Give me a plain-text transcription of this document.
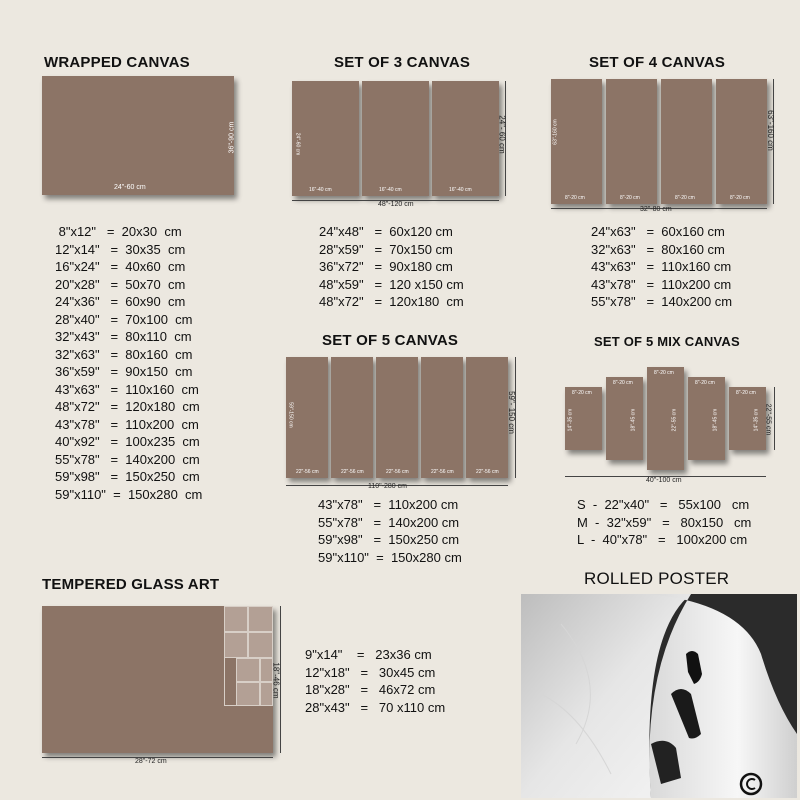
WRAPPED CANVAS
24"-60 cm
36"-90 cm
8"x12"   =  20x30  cm
12"x14"   =  30x35  cm
16"x24"   =  40x60  cm
20"x28"   =  50x70  cm
24"x36"   =  60x90  cm
28"x40"   =  70x100  cm
32"x43"   =  80x110  cm
32"x63"   =  80x160  cm
36"x59"   =  90x150  cm
43"x63"   =  110x160  cm
48"x72"   =  120x180  cm
43"x78"   =  110x200  cm
40"x92"   =  100x235  cm
55"x78"   =  140x200  cm
59"x98"   =  150x250  cm
59"x110"  =  150x280  cm
SET OF 3 CANVAS
16"-40 cm
24"-60 cm
16"-40 cm	16"-40 cm
48"-120 cm
24"- 60 cm
24"x48"   =  60x120 cm
28"x59"   =  70x150 cm
36"x72"   =  90x180 cm
48"x59"   =  120 x150 cm
48"x72"   =  120x180  cm
SET OF 4 CANVAS
8"-20 cm
63"-160 cm
8"-20 cm	8"-20 cm	8"-20 cm
32"-80 cm
63"-160 cm
24"x63"   =  60x160 cm
32"x63"   =  80x160 cm
43"x63"   =  110x160 cm
43"x78"   =  110x200 cm
55"x78"   =  140x200 cm
SET OF 5 CANVAS
22"-56 cm
59"-150 cm
22"-56 cm	22"-56 cm	22"-56 cm	22"-56 cm
110"-280 cm
59"- 150 cm
43"x78"   =  110x200 cm
55"x78"   =  140x200 cm
59"x98"   =  150x250 cm
59"x110"  =  150x280 cm
SET OF 5 MIX CANVAS
8"-20 cm
14"-35 cm
8"-20 cm
18"-45 cm
8"-20 cm
22"-55 cm
8"-20 cm
18"-45 cm
8"-20 cm
14"-35 cm
40"-100 cm
22"-55 cm
S  -  22"x40"   =   55x100   cm
M  -  32"x59"   =   80x150   cm
L  -  40"x78"   =   100x200 cm
TEMPERED GLASS ART
28"-72 cm
18"-46 cm
9"x14"    =   23x36 cm
12"x18"   =   30x45 cm
18"x28"   =   46x72 cm
28"x43"   =   70 x110 cm
ROLLED POSTER
